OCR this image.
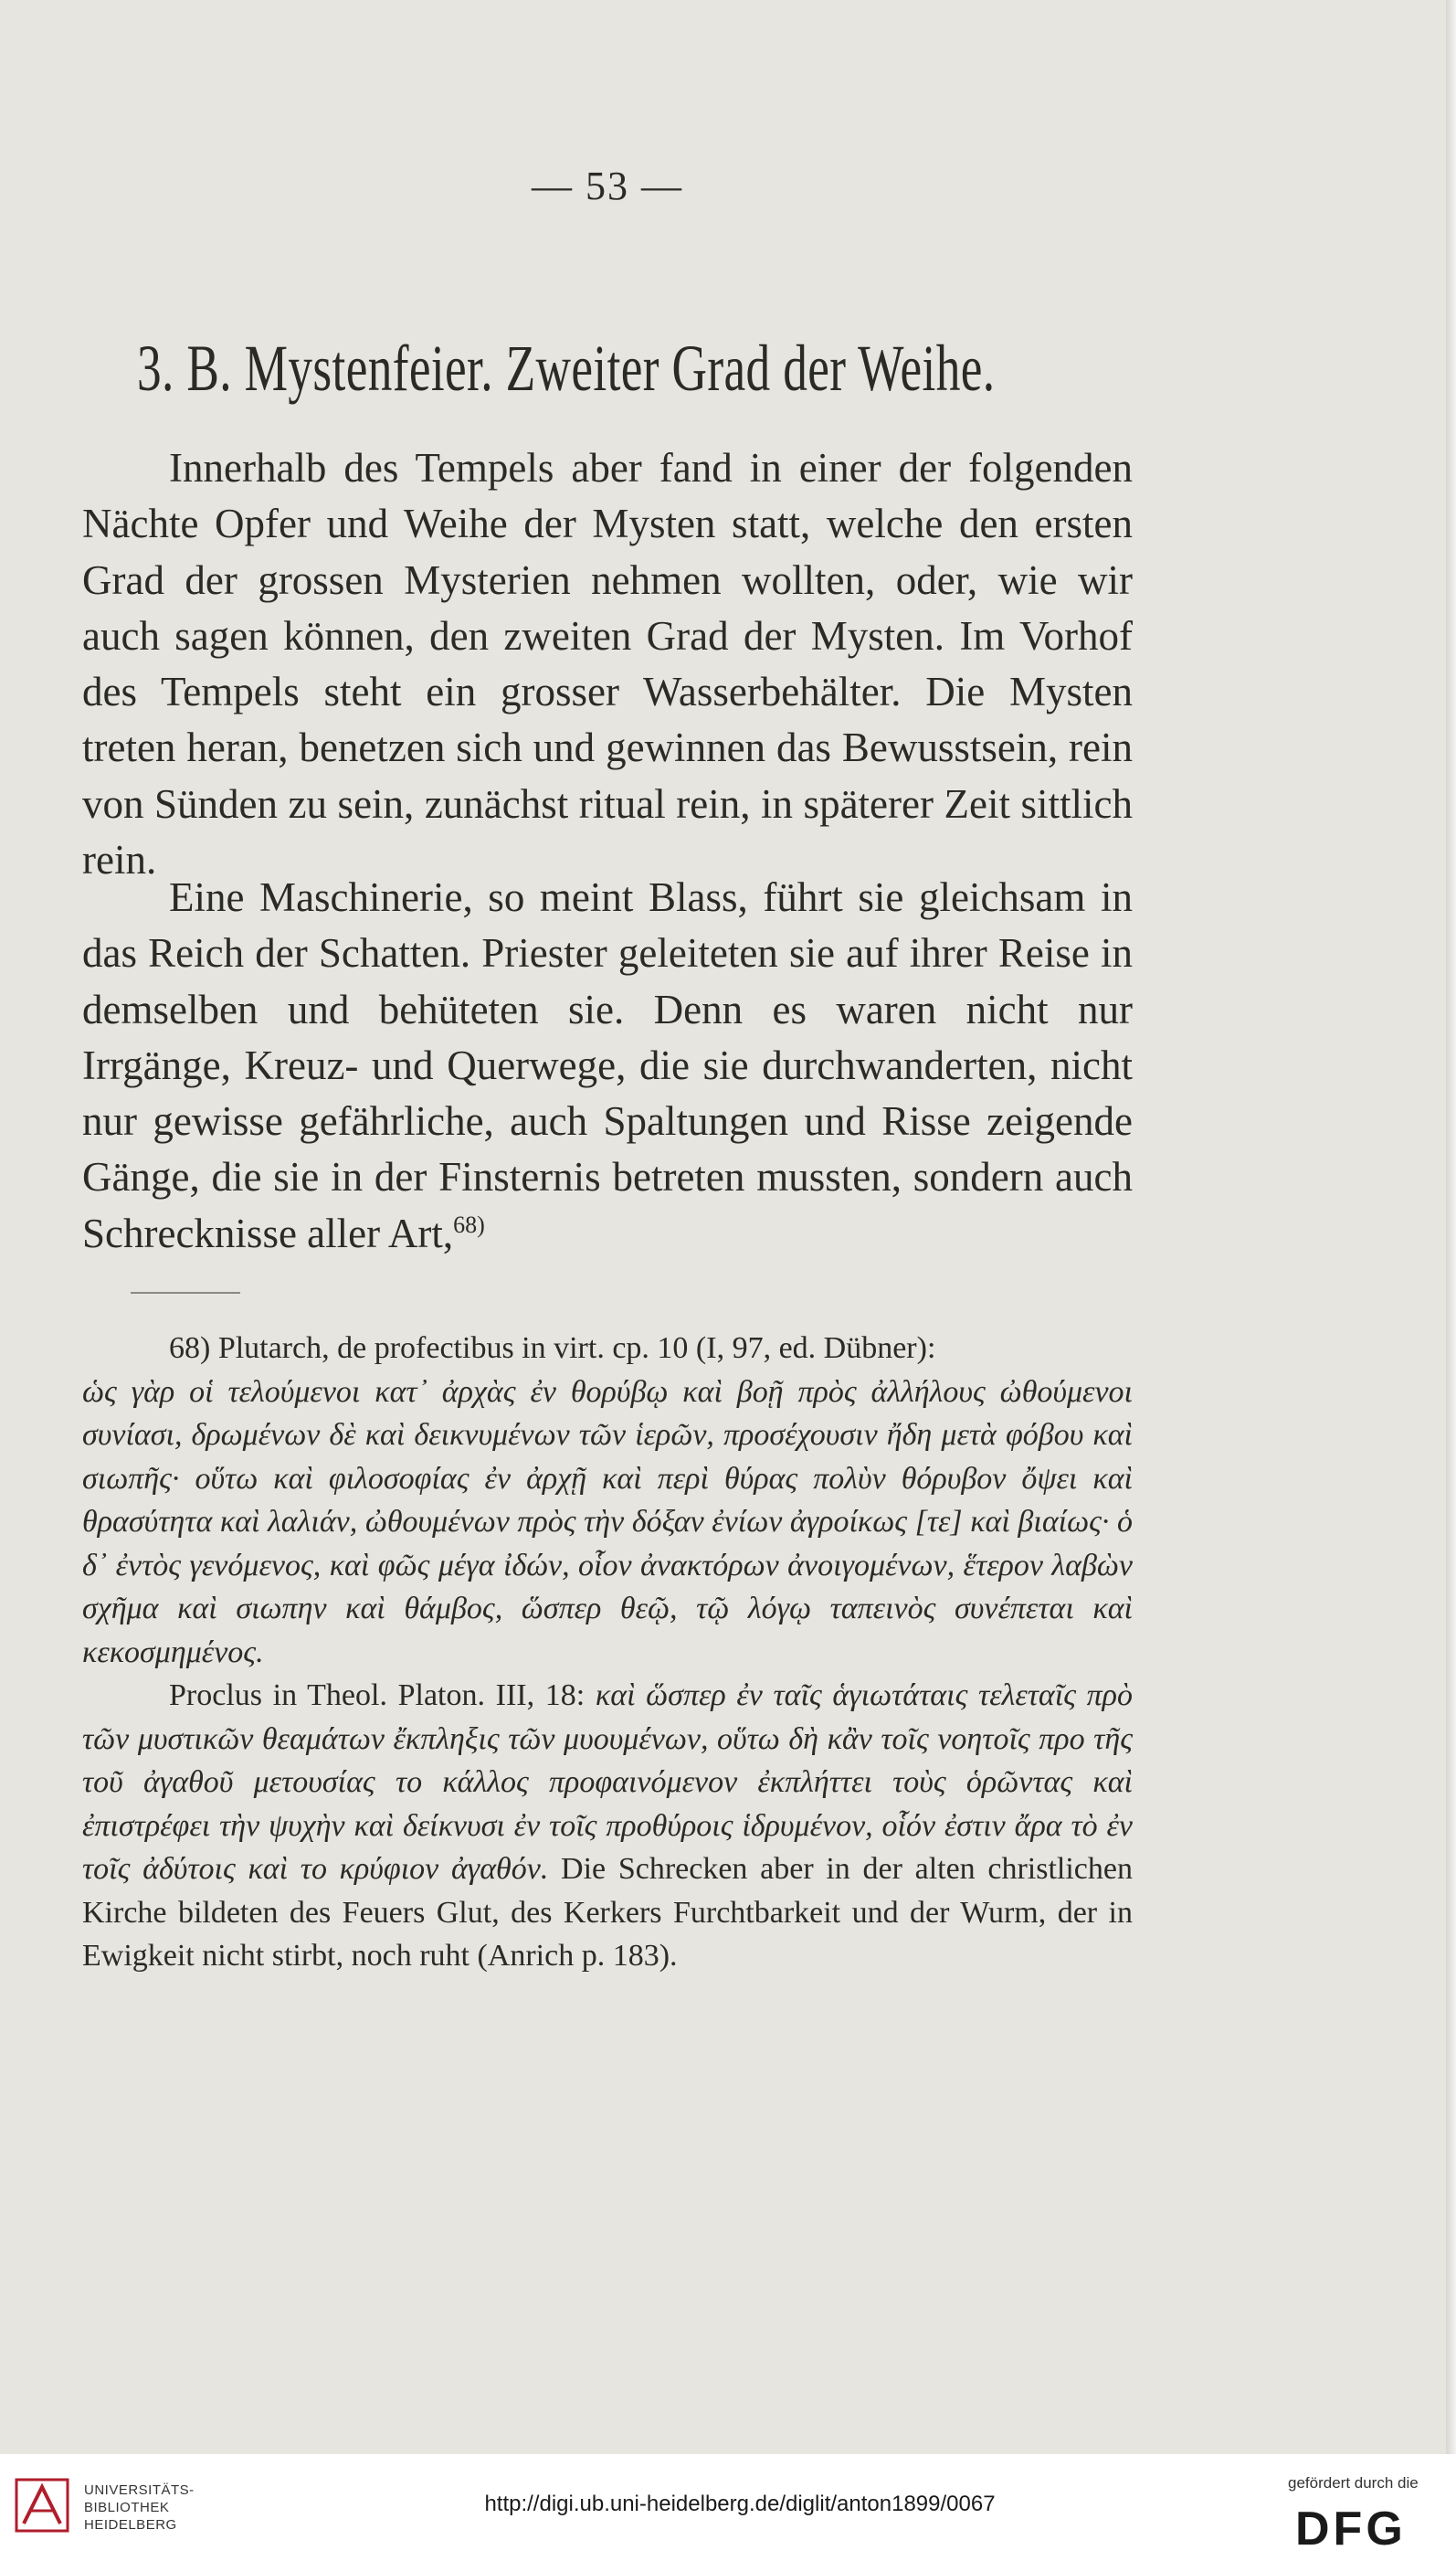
— 53 —
3. B. Mystenfeier. Zweiter Grad der Weihe.

Innerhalb des Tempels aber fand in einer der folgenden Nächte Opfer und Weihe der Mysten statt, welche den ersten Grad der grossen Mysterien nehmen wollten, oder, wie wir auch sagen können, den zweiten Grad der Mysten. Im Vorhof des Tempels steht ein grosser Wasserbehälter. Die Mysten treten heran, benetzen sich und gewinnen das Bewusstsein, rein von Sünden zu sein, zunächst ritual rein, in späterer Zeit sittlich rein.

Eine Maschinerie, so meint Blass, führt sie gleichsam in das Reich der Schatten. Priester geleiteten sie auf ihrer Reise in demselben und behüteten sie. Denn es waren nicht nur Irrgänge, Kreuz- und Querwege, die sie durchwanderten, nicht nur gewisse gefährliche, auch Spaltungen und Risse zeigende Gänge, die sie in der Finsternis betreten mussten, sondern auch Schrecknisse aller Art,$^{68)}$

68) Plutarch, de profectibus in virt. cp. 10 (I, 97, ed. Dübner):

ὡς γὰρ οἱ τελούμενοι κατ᾽ ἀρχὰς ἐν θορύβῳ καὶ βοῇ πρὸς ἀλλήλους ὠθούμενοι συνίασι, δρωμένων δὲ καὶ δεικνυμένων τῶν ἱερῶν, προσέχουσιν ἤδη μετὰ φόβου καὶ σιωπῆς· οὕτω καὶ φιλοσοφίας ἐν ἀρχῇ καὶ περὶ θύρας πολὺν θόρυβον ὄψει καὶ θρασύτητα καὶ λαλιάν, ὠθουμένων πρὸς τὴν δόξαν ἐνίων ἀγροίκως [τε] καὶ βιαίως· ὁ δ᾽ ἐντὸς γενόμενος, καὶ φῶς μέγα ἰδών, οἷον ἀνακτόρων ἀνοιγομένων, ἕτερον λαβὼν σχῆμα καὶ σιωπην καὶ θάμβος, ὥσπερ θεῷ, τῷ λόγῳ ταπεινὸς συνέπεται καὶ κεκοσμημένος.

Proclus in Theol. Platon. III, 18: καὶ ὥσπερ ἐν ταῖς ἁγιωτάταις τελεταῖς πρὸ τῶν μυστικῶν θεαμάτων ἔκπληξις τῶν μυουμένων, οὕτω δὴ κἂν τοῖς νοητοῖς προ τῆς τοῦ ἀγαθοῦ μετουσίας το κάλλος προφαινόμενον ἐκπλήττει τοὺς ὁρῶντας καὶ ἐπιστρέφει τὴν ψυχὴν καὶ δείκνυσι ἐν τοῖς προθύροις ἱδρυμένον, οἷόν ἐστιν ἄρα τὸ ἐν τοῖς ἀδύτοις καὶ το κρύφιον ἀγαθόν. Die Schrecken aber in der alten christlichen Kirche bildeten des Feuers Glut, des Kerkers Furchtbarkeit und der Wurm, der in Ewigkeit nicht stirbt, noch ruht (Anrich p. 183).

UNIVERSITÄTS-
BIBLIOTHEK
HEIDELBERG
http://digi.ub.uni-heidelberg.de/diglit/anton1899/0067
gefördert durch die
DFG
